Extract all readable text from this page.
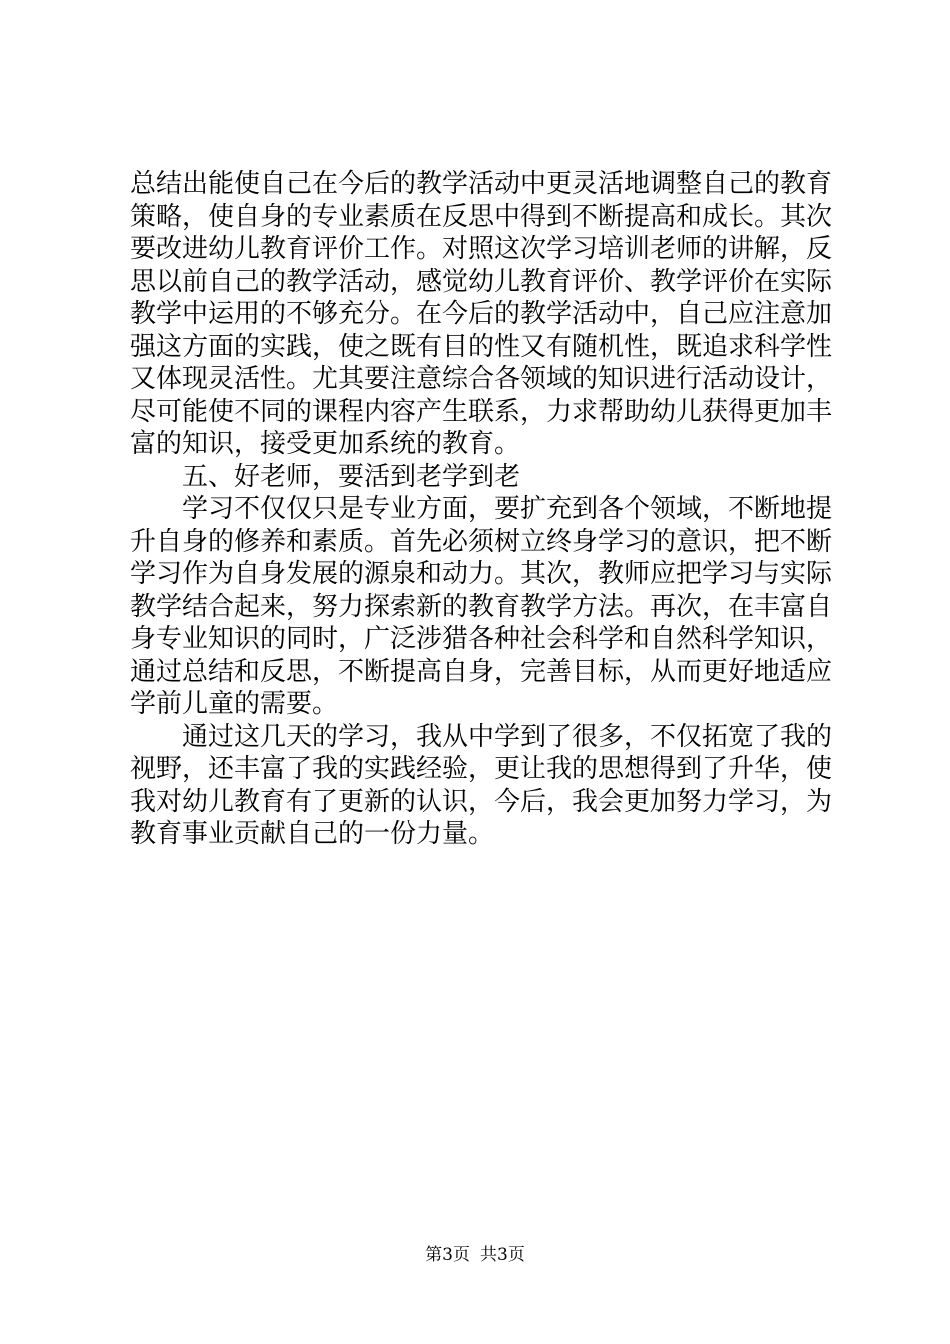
总结出能使自己在今后的教学活动中更灵活地调整自己的教育
策略，使自身的专业素质在反思中得到不断提高和成长。其次
要改进幼儿教育评价工作。对照这次学习培训老师的讲解，反
思以前自己的教学活动，感觉幼儿教育评价、教学评价在实际
教学中运用的不够充分。在今后的教学活动中，自己应注意加
强这方面的实践，使之既有目的性又有随机性，既追求科学性
又体现灵活性。尤其要注意综合各领域的知识进行活动设计，
尽可能使不同的课程内容产生联系，力求帮助幼儿获得更加丰
富的知识，接受更加系统的教育。
五、好老师，要活到老学到老
学习不仅仅只是专业方面，要扩充到各个领域，不断地提
升自身的修养和素质。首先必须树立终身学习的意识，把不断
学习作为自身发展的源泉和动力。其次，教师应把学习与实际
教学结合起来，努力探索新的教育教学方法。再次，在丰富自
身专业知识的同时，广泛涉猎各种社会科学和自然科学知识，
通过总结和反思，不断提高自身，完善目标，从而更好地适应
学前儿童的需要。
通过这几天的学习，我从中学到了很多，不仅拓宽了我的
视野，还丰富了我的实践经验，更让我的思想得到了升华，使
我对幼儿教育有了更新的认识，今后，我会更加努力学习，为
教育事业贡献自己的一份力量。
第3页 共3页
